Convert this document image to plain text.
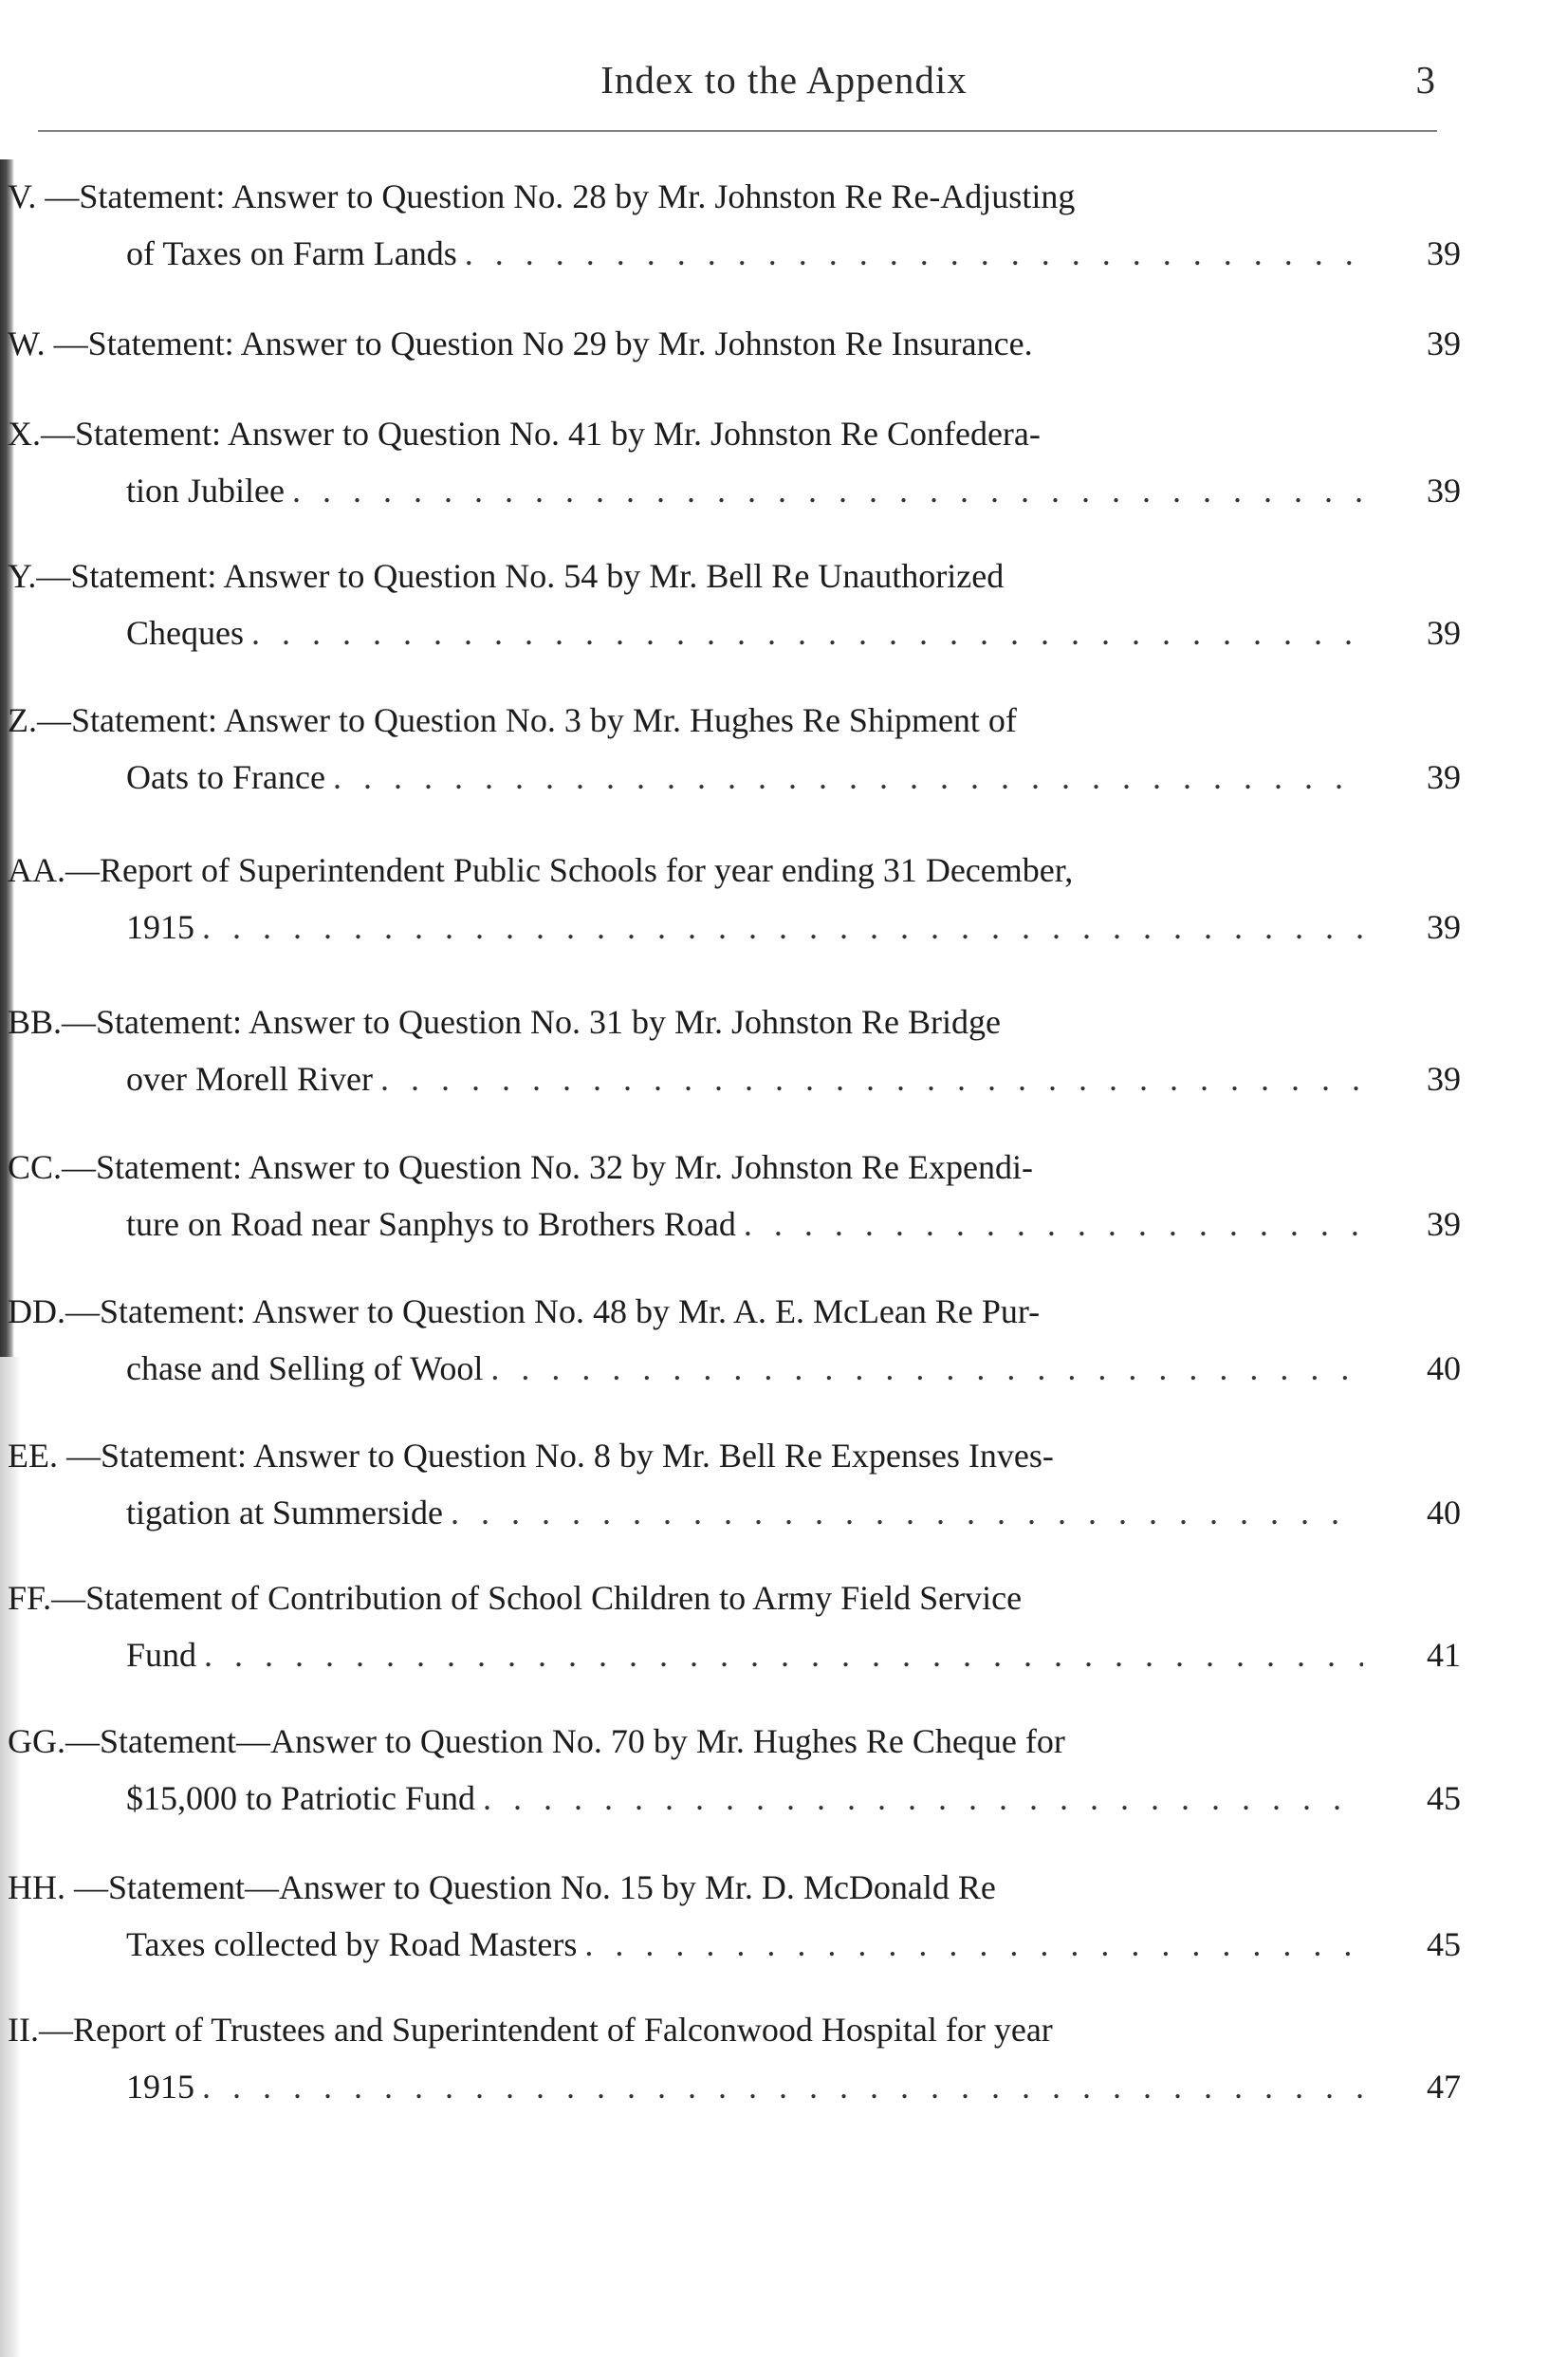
Index to the Appendix	3
V. —Statement: Answer to Question No. 28 by Mr. Johnston Re Re-Adjusting
of Taxes on Farm Lands . . .	39
W. —Statement: Answer to Question No 29 by Mr. Johnston Re Insurance.	39
X.—Statement: Answer to Question No. 41 by Mr. Johnston Re Confedera-
tion Jubilee . . .	39
Y.—Statement: Answer to Question No. 54 by Mr. Bell Re Unauthorized
Cheques . . .	39
Z.—Statement: Answer to Question No. 3 by Mr. Hughes Re Shipment of
Oats to France . . .	39
AA.—Report of Superintendent Public Schools for year ending 31 December,
1915 . . .	39
BB.—Statement: Answer to Question No. 31 by Mr. Johnston Re Bridge
over Morell River . . .	39
CC.—Statement: Answer to Question No. 32 by Mr. Johnston Re Expendi-
ture on Road near Sanphys to Brothers Road . . .	39
DD.—Statement: Answer to Question No. 48 by Mr. A. E. McLean Re Pur-
chase and Selling of Wool . . .	40
EE. —Statement: Answer to Question No. 8 by Mr. Bell Re Expenses Inves-
tigation at Summerside . . .	40
FF.—Statement of Contribution of School Children to Army Field Service
Fund . . .	41
GG.—Statement—Answer to Question No. 70 by Mr. Hughes Re Cheque for
$15,000 to Patriotic Fund . . .	45
HH. —Statement—Answer to Question No. 15 by Mr. D. McDonald Re
Taxes collected by Road Masters . . .	45
II.—Report of Trustees and Superintendent of Falconwood Hospital for year
1915 . . .	47
